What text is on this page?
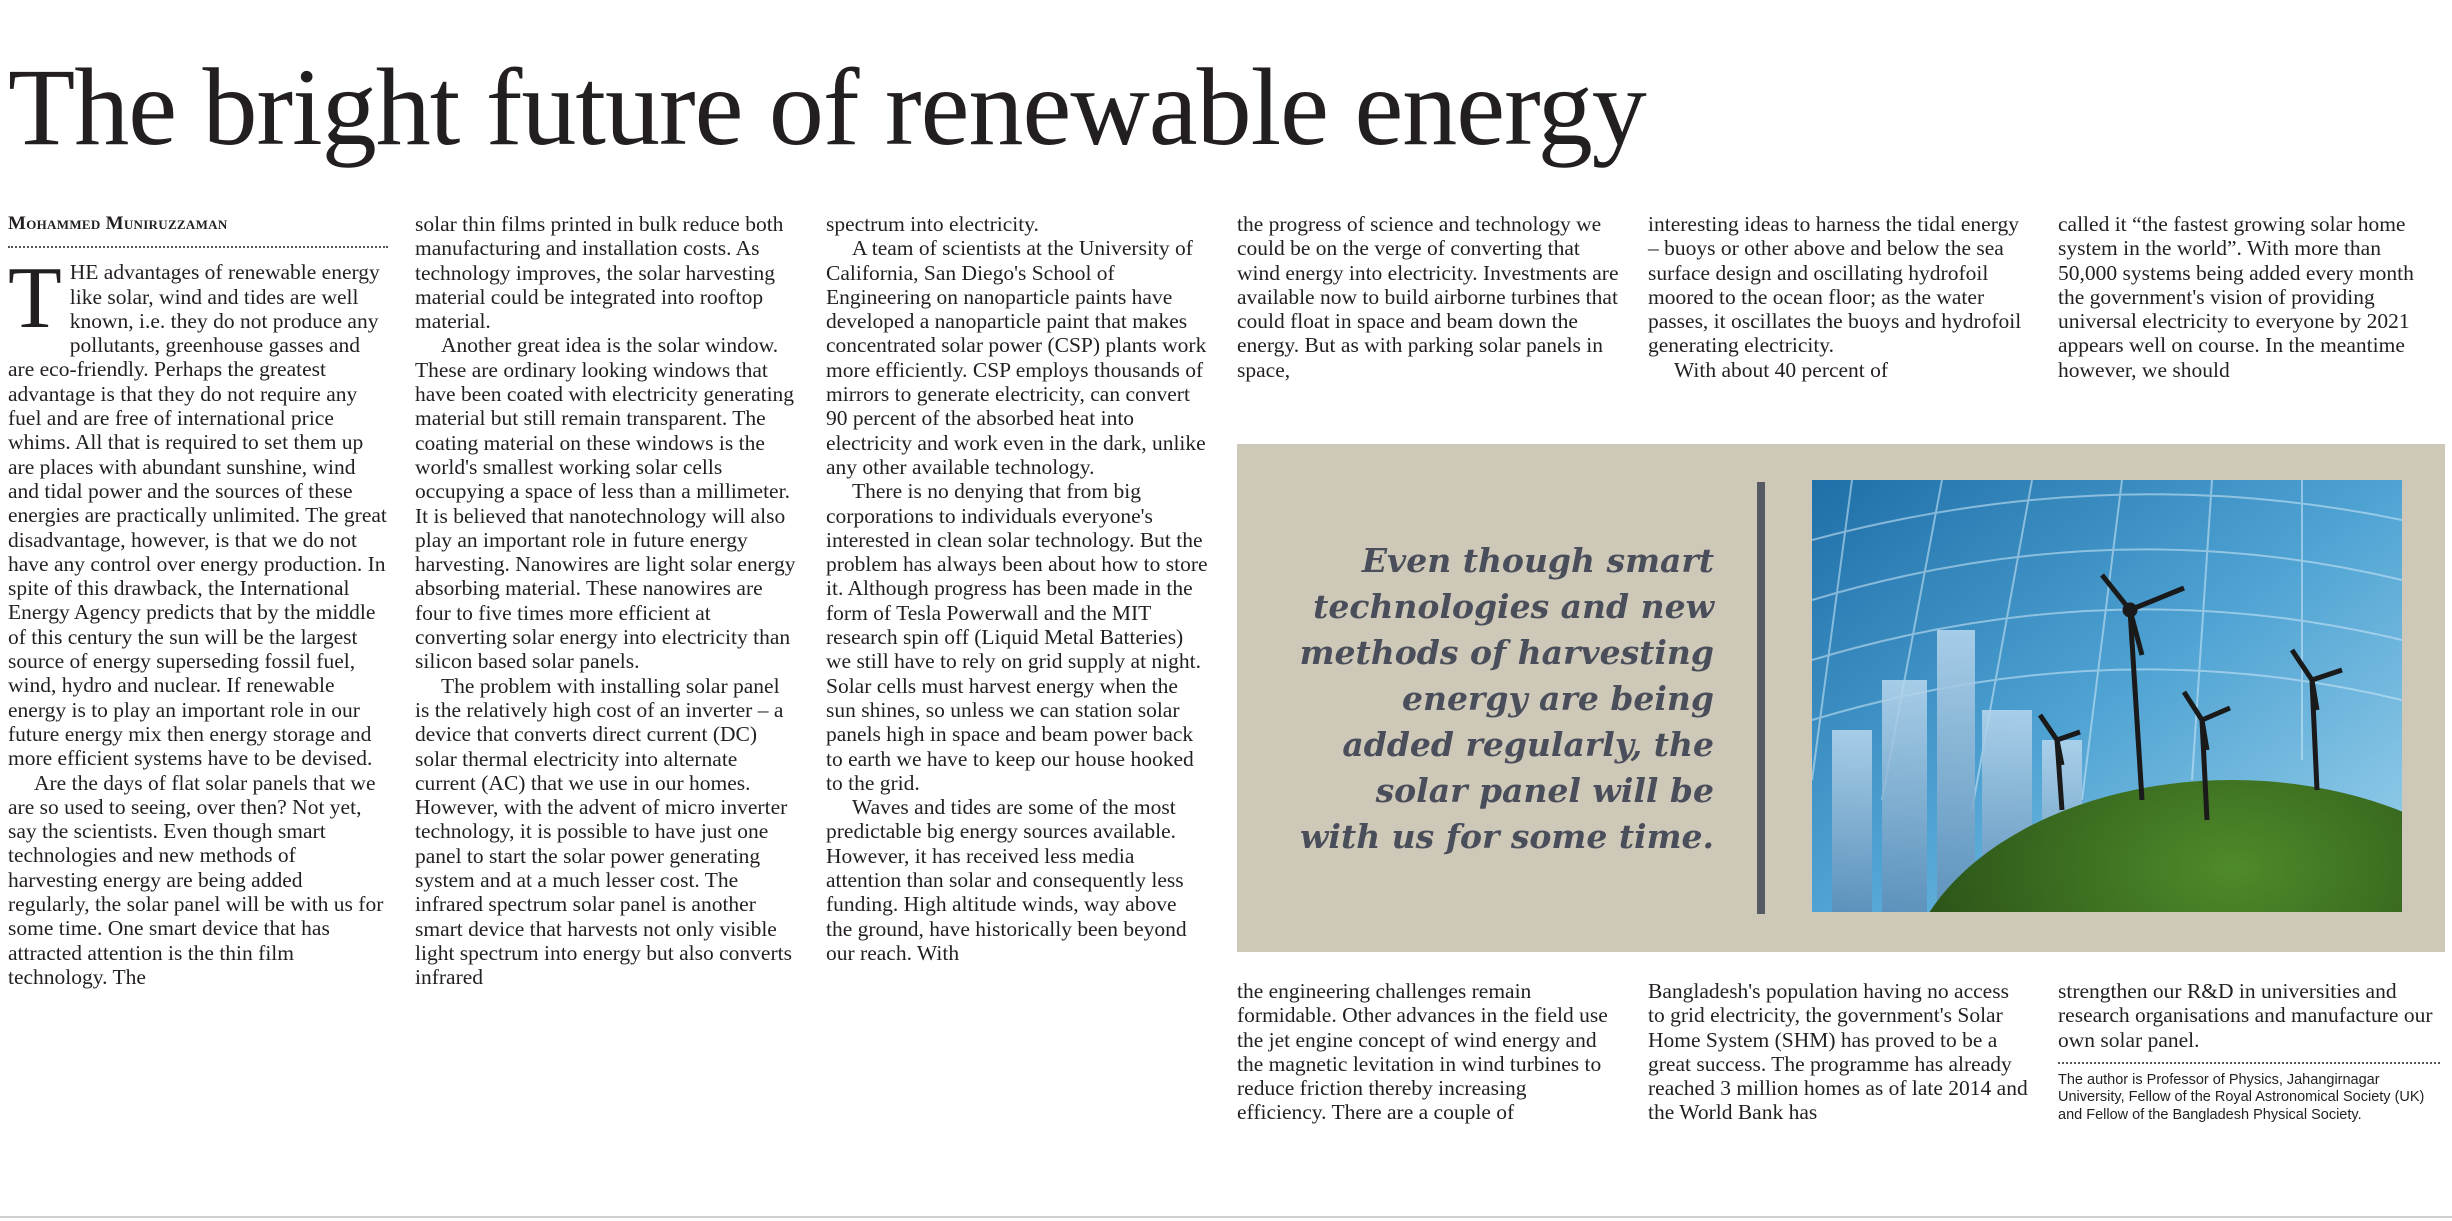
The bright future of renewable energy
Mohammed Muniruzzaman

THE advantages of renewable energy like solar, wind and tides are well known, i.e. they do not produce any pollutants, greenhouse gasses and are eco-friendly. Perhaps the greatest advantage is that they do not require any fuel and are free of international price whims. All that is required to set them up are places with abundant sunshine, wind and tidal power and the sources of these energies are practically unlimited. The great disadvantage, however, is that we do not have any control over energy production. In spite of this drawback, the International Energy Agency predicts that by the middle of this century the sun will be the largest source of energy superseding fossil fuel, wind, hydro and nuclear. If renewable energy is to play an important role in our future energy mix then energy storage and more efficient systems have to be devised.

Are the days of flat solar panels that we are so used to seeing, over then? Not yet, say the scientists. Even though smart technologies and new methods of harvesting energy are being added regularly, the solar panel will be with us for some time. One smart device that has attracted attention is the thin film technology. The

solar thin films printed in bulk reduce both manufacturing and installation costs. As technology improves, the solar harvesting material could be integrated into rooftop material.

Another great idea is the solar window. These are ordinary looking windows that have been coated with electricity generating material but still remain transparent. The coating material on these windows is the world's smallest working solar cells occupying a space of less than a millimeter. It is believed that nanotechnology will also play an important role in future energy harvesting. Nanowires are light solar energy absorbing material. These nanowires are four to five times more efficient at converting solar energy into electricity than silicon based solar panels.

The problem with installing solar panel is the relatively high cost of an inverter – a device that converts direct current (DC) solar thermal electricity into alternate current (AC) that we use in our homes. However, with the advent of micro inverter technology, it is possible to have just one panel to start the solar power generating system and at a much lesser cost. The infrared spectrum solar panel is another smart device that harvests not only visible light spectrum into energy but also converts infrared

spectrum into electricity.

A team of scientists at the University of California, San Diego's School of Engineering on nanoparticle paints have developed a nanoparticle paint that makes concentrated solar power (CSP) plants work more efficiently. CSP employs thousands of mirrors to generate electricity, can convert 90 percent of the absorbed heat into electricity and work even in the dark, unlike any other available technology.

There is no denying that from big corporations to individuals everyone's interested in clean solar technology. But the problem has always been about how to store it. Although progress has been made in the form of Tesla Powerwall and the MIT research spin off (Liquid Metal Batteries) we still have to rely on grid supply at night. Solar cells must harvest energy when the sun shines, so unless we can station solar panels high in space and beam power back to earth we have to keep our house hooked to the grid.

Waves and tides are some of the most predictable big energy sources available. However, it has received less media attention than solar and consequently less funding. High altitude winds, way above the ground, have historically been beyond our reach. With

the progress of science and technology we could be on the verge of converting that wind energy into electricity. Investments are available now to build airborne turbines that could float in space and beam down the energy. But as with parking solar panels in space,

interesting ideas to harness the tidal energy – buoys or other above and below the sea surface design and oscillating hydrofoil moored to the ocean floor; as the water passes, it oscillates the buoys and hydrofoil generating electricity.

With about 40 percent of

called it “the fastest growing solar home system in the world”. With more than 50,000 systems being added every month the government's vision of providing universal electricity to everyone by 2021 appears well on course. In the meantime however, we should

Even though smart technologies and new methods of harvesting energy are being added regularly, the solar panel will be with us for some time.

the engineering challenges remain formidable. Other advances in the field use the jet engine concept of wind energy and the magnetic levitation in wind turbines to reduce friction thereby increasing efficiency. There are a couple of

Bangladesh's population having no access to grid electricity, the government's Solar Home System (SHM) has proved to be a great success. The programme has already reached 3 million homes as of late 2014 and the World Bank has

strengthen our R&D in universities and research organisations and manufacture our own solar panel.

The author is Professor of Physics, Jahangirnagar University, Fellow of the Royal Astronomical Society (UK) and Fellow of the Bangladesh Physical Society.
